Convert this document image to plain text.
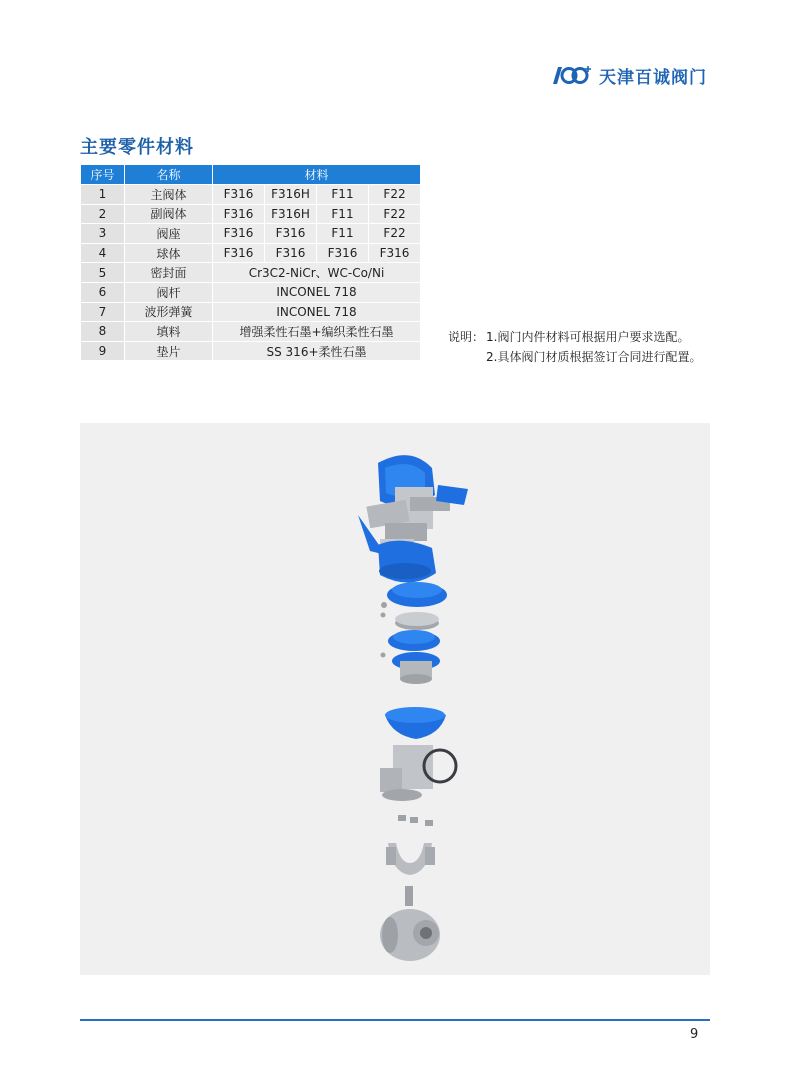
天津百诚阀门
主要零件材料
序号	名称	材料			
1	主阀体	F316	F316H	F11	F22
2	副阀体	F316	F316H	F11	F22
3	阀座	F316	F316	F11	F22
4	球体	F316	F316	F316	F316
5	密封面	Cr3C2-NiCr、WC-Co/Ni			
6	阀杆	INCONEL 718			
7	波形弹簧	INCONEL 718			
8	填料	增强柔性石墨+编织柔性石墨			
9	垫片	SS 316+柔性石墨			
说明： 1.阀门内件材料可根据用户要求选配。
2.具体阀门材质根据签订合同进行配置。
9
